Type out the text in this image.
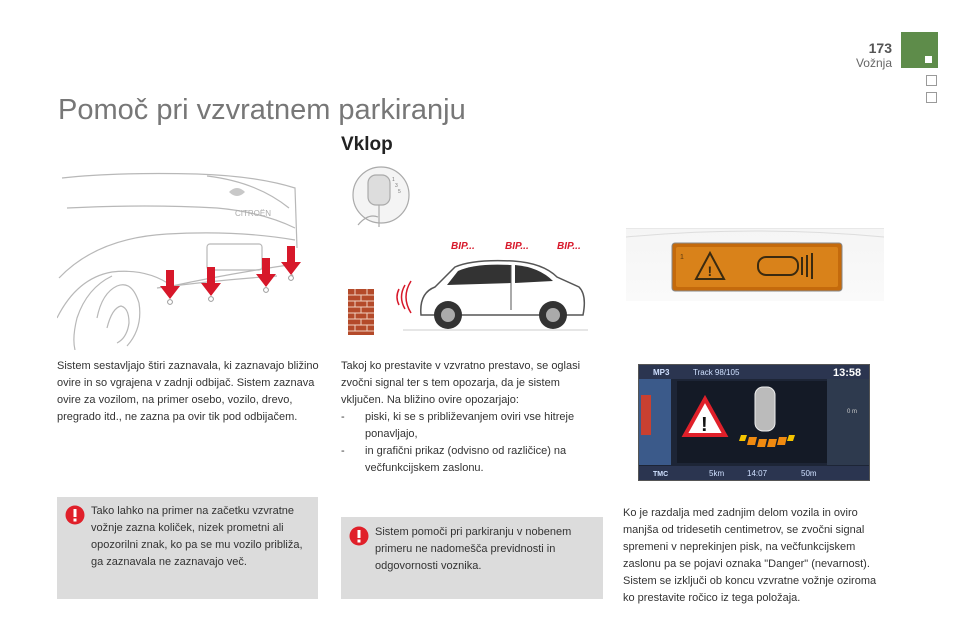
173
Vožnja
Pomoč pri vzvratnem parkiranju
Vklop
CITROËN
1
3
5
BIP...	BIP...	BIP...
!
1
MP3	Track 98/105	13:58
!
0 m
TMC	5km	14:07	50m

Sistem sestavljajo štiri zaznavala, ki zaznavajo bližino ovire in so vgrajena v zadnji odbijač. Sistem zaznava ovire za vozilom, na primer osebo, vozilo, drevo, pregrado itd., ne zazna pa ovir tik pod odbijačem.

Tako lahko na primer na začetku vzvratne vožnje zazna količek, nizek prometni ali opozorilni znak, ko pa se mu vozilo približa, ga zaznavala ne zaznavajo več.

Takoj ko prestavite v vzvratno prestavo, se oglasi zvočni signal ter s tem opozarja, da je sistem vključen. Na bližino ovire opozarjajo:

- piski, ki se s približevanjem oviri vse hitreje ponavljajo,
- in grafični prikaz (odvisno od različice) na večfunkcijskem zaslonu.
Sistem pomoči pri parkiranju v nobenem primeru ne nadomešča previdnosti in odgovornosti voznika.

Ko je razdalja med zadnjim delom vozila in oviro manjša od tridesetih centimetrov, se zvočni signal spremeni v neprekinjen pisk, na večfunkcijskem zaslonu pa se pojavi oznaka "Danger" (nevarnost).

Sistem se izključi ob koncu vzvratne vožnje oziroma ko prestavite ročico iz tega položaja.
